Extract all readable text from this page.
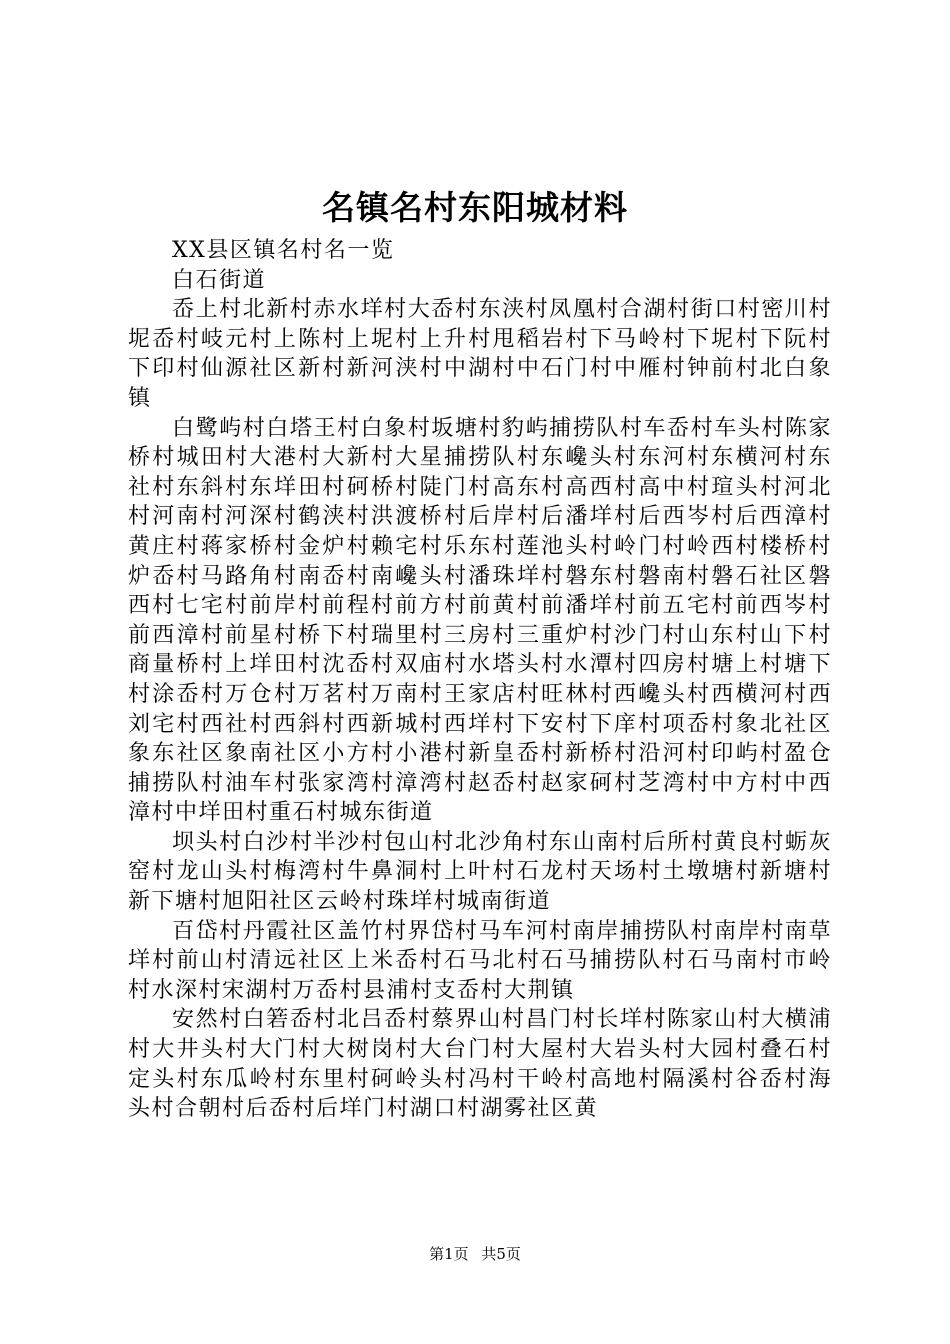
名镇名村东阳城材料

XX县区镇名村名一览

白石街道

岙上村北新村赤水垟村大岙村东浃村凤凰村合湖村街口村密川村坭岙村岐元村上陈村上坭村上升村甩稻岩村下马岭村下坭村下阮村下印村仙源社区新村新河浃村中湖村中石门村中雁村钟前村北白象镇

白鹭屿村白塔王村白象村坂塘村豹屿捕捞队村车岙村车头村陈家桥村城田村大港村大新村大星捕捞队村东巉头村东河村东横河村东社村东斜村东垟田村砢桥村陡门村高东村高西村高中村瑄头村河北村河南村河深村鹤浃村洪渡桥村后岸村后潘垟村后西岑村后西漳村黄庄村蒋家桥村金炉村赖宅村乐东村莲池头村岭门村岭西村楼桥村炉岙村马路角村南岙村南巉头村潘珠垟村磐东村磐南村磐石社区磐西村七宅村前岸村前程村前方村前黄村前潘垟村前五宅村前西岑村前西漳村前星村桥下村瑞里村三房村三重炉村沙门村山东村山下村商量桥村上垟田村沈岙村双庙村水塔头村水潭村四房村塘上村塘下村涂岙村万仓村万茗村万南村王家店村旺林村西巉头村西横河村西刘宅村西社村西斜村西新城村西垟村下安村下庠村项岙村象北社区象东社区象南社区小方村小港村新皇岙村新桥村沿河村印屿村盈仓捕捞队村油车村张家湾村漳湾村赵岙村赵家砢村芝湾村中方村中西漳村中垟田村重石村城东街道

坝头村白沙村半沙村包山村北沙角村东山南村后所村黄良村蛎灰窑村龙山头村梅湾村牛鼻洞村上叶村石龙村天场村土墩塘村新塘村新下塘村旭阳社区云岭村珠垟村城南街道

百岱村丹霞社区盖竹村界岱村马车河村南岸捕捞队村南岸村南草垟村前山村清远社区上米岙村石马北村石马捕捞队村石马南村市岭村水深村宋湖村万岙村县浦村支岙村大荆镇

安然村白箬岙村北吕岙村蔡界山村昌门村长垟村陈家山村大横浦村大井头村大门村大树岗村大台门村大屋村大岩头村大园村叠石村定头村东瓜岭村东里村砢岭头村冯村干岭村高地村隔溪村谷岙村海头村合朝村后岙村后垟门村湖口村湖雾社区黄

第1页 共5页
